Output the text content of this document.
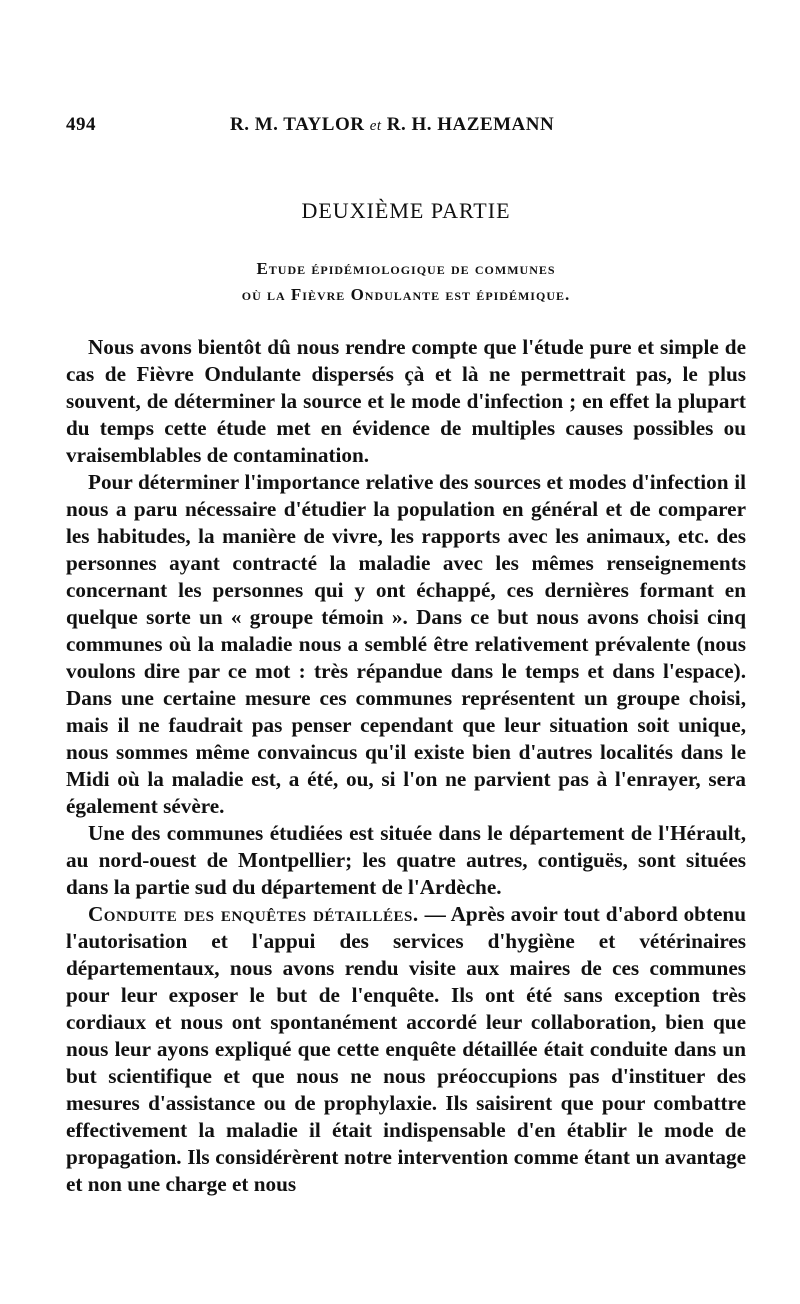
494	R. M. TAYLOR et R. H. HAZEMANN
DEUXIÈME PARTIE
Etude épidémiologique de communes
où la Fièvre Ondulante est épidémique.

Nous avons bientôt dû nous rendre compte que l'étude pure et simple de cas de Fièvre Ondulante dispersés çà et là ne permettrait pas, le plus souvent, de déterminer la source et le mode d'infection ; en effet la plupart du temps cette étude met en évidence de multiples causes possibles ou vraisemblables de contamination.

Pour déterminer l'importance relative des sources et modes d'infection il nous a paru nécessaire d'étudier la population en général et de comparer les habitudes, la manière de vivre, les rapports avec les animaux, etc. des personnes ayant contracté la maladie avec les mêmes renseignements concernant les personnes qui y ont échappé, ces dernières formant en quelque sorte un « groupe témoin ». Dans ce but nous avons choisi cinq communes où la maladie nous a semblé être relativement prévalente (nous voulons dire par ce mot : très répandue dans le temps et dans l'espace). Dans une certaine mesure ces communes représentent un groupe choisi, mais il ne faudrait pas penser cependant que leur situation soit unique, nous sommes même convaincus qu'il existe bien d'autres localités dans le Midi où la maladie est, a été, ou, si l'on ne parvient pas à l'enrayer, sera également sévère.

Une des communes étudiées est située dans le département de l'Hérault, au nord-ouest de Montpellier; les quatre autres, contiguës, sont situées dans la partie sud du département de l'Ardèche.

Conduite des enquêtes détaillées. — Après avoir tout d'abord obtenu l'autorisation et l'appui des services d'hygiène et vétérinaires départementaux, nous avons rendu visite aux maires de ces communes pour leur exposer le but de l'enquête. Ils ont été sans exception très cordiaux et nous ont spontanément accordé leur collaboration, bien que nous leur ayons expliqué que cette enquête détaillée était conduite dans un but scientifique et que nous ne nous préoccupions pas d'instituer des mesures d'assistance ou de prophylaxie. Ils saisirent que pour combattre effectivement la maladie il était indispensable d'en établir le mode de propagation. Ils considérèrent notre intervention comme étant un avantage et non une charge et nous
